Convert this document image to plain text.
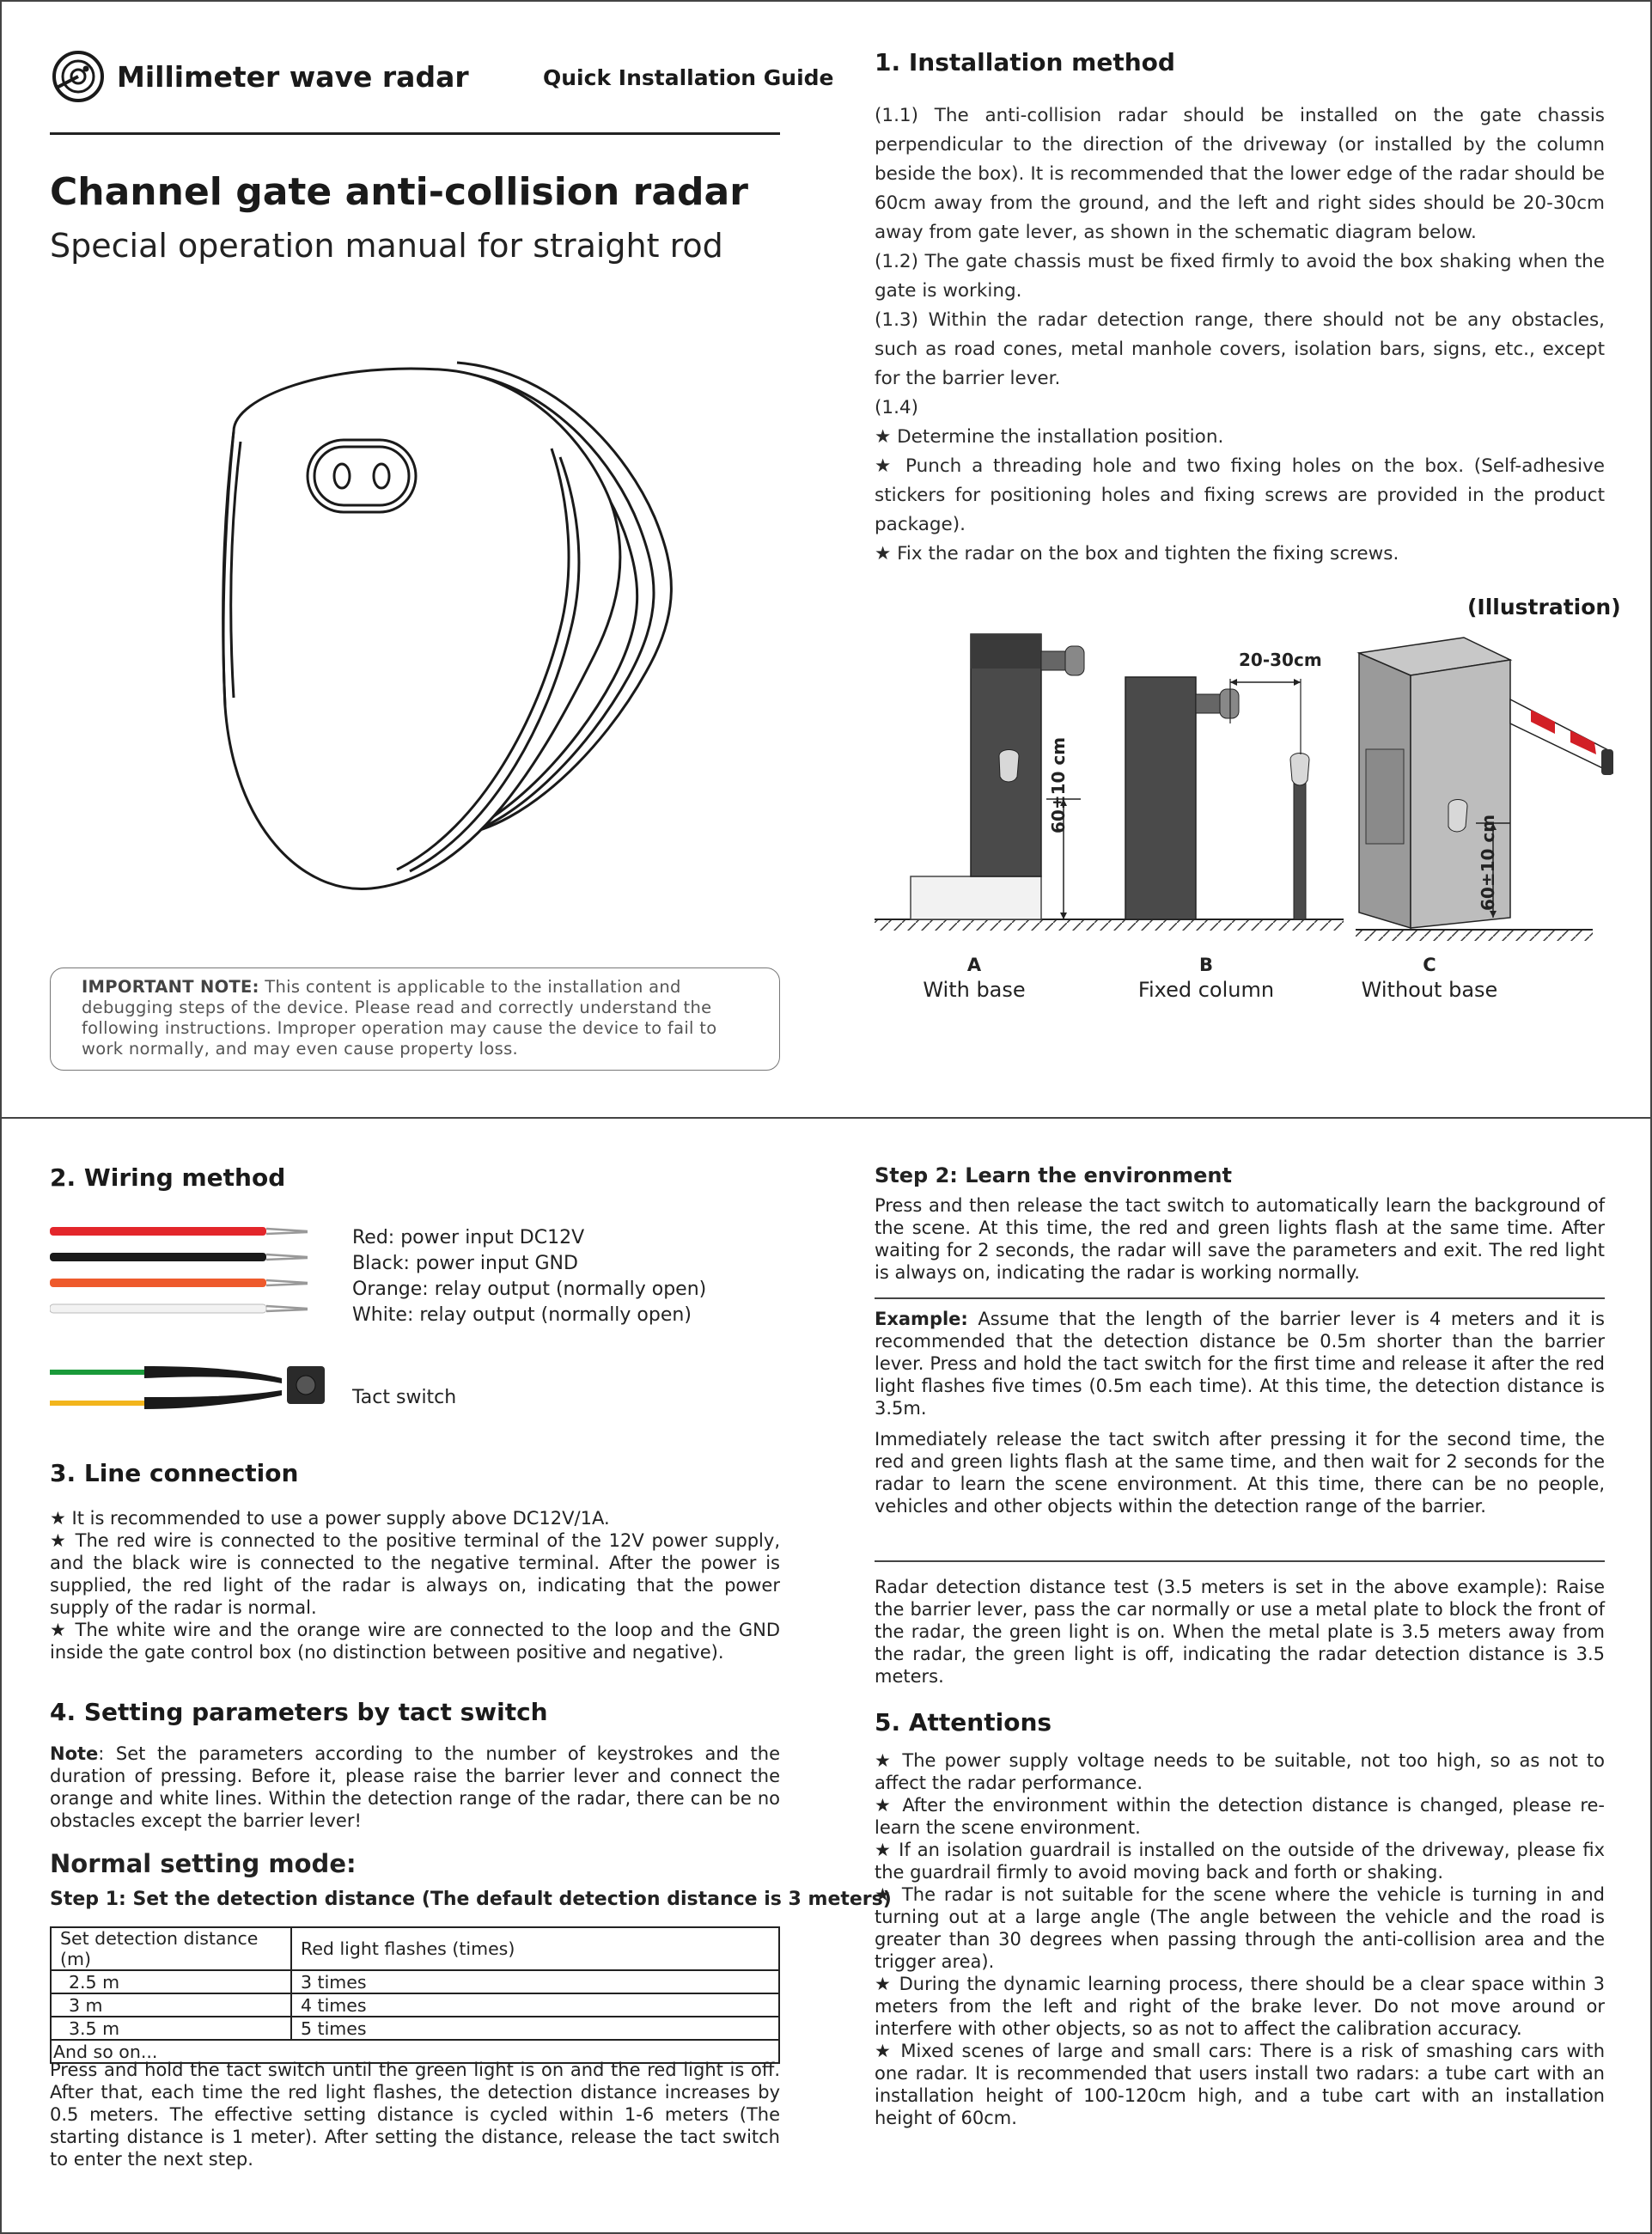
Millimeter wave radar	Quick Installation Guide
Channel gate anti-collision radar
Special operation manual for straight rod
IMPORTANT NOTE: This content is applicable to the installation and debugging steps of the device. Please read and correctly understand the following instructions. Improper operation may cause the device to fail to work normally, and may even cause property loss.
1. Installation method

(1.1) The anti-collision radar should be installed on the gate chassis perpendicular to the direction of the driveway (or installed by the column beside the box). It is recommended that the lower edge of the radar should be 60cm away from the ground, and the left and right sides should be 20-30cm away from gate lever, as shown in the schematic diagram below.

(1.2) The gate chassis must be fixed firmly to avoid the box shaking when the gate is working.

(1.3) Within the radar detection range, there should not be any obstacles, such as road cones, metal manhole covers, isolation bars, signs, etc., except for the barrier lever.

(1.4)

★ Determine the installation position.

★ Punch a threading hole and two fixing holes on the box. (Self-adhesive stickers for positioning holes and fixing screws are provided in the product package).

★ Fix the radar on the box and tighten the fixing screws.

(Illustration)
60±10 cm
20-30cm
60±10 cm
A
With base
B
Fixed column
C
Without base
2. Wiring method
Red: power input DC12V
Black: power input GND
Orange: relay output (normally open)
White: relay output (normally open)
Tact switch
3. Line connection
★ It is recommended to use a power supply above DC12V/1A.
★ The red wire is connected to the positive terminal of the 12V power supply, and the black wire is connected to the negative terminal. After the power is supplied, the red light of the radar is always on, indicating that the power supply of the radar is normal.
★ The white wire and the orange wire are connected to the loop and the GND inside the gate control box (no distinction between positive and negative).
4. Setting parameters by tact switch
Note: Set the parameters according to the number of keystrokes and the duration of pressing. Before it, please raise the barrier lever and connect the orange and white lines. Within the detection range of the radar, there can be no obstacles except the barrier lever!
Normal setting mode:
Step 1: Set the detection distance (The default detection distance is 3 meters)
Set detection distance (m)	Red light flashes (times)
2.5 m	3 times
3 m	4 times
3.5 m	5 times
And so on...	
Press and hold the tact switch until the green light is on and the red light is off. After that, each time the red light flashes, the detection distance increases by 0.5 meters. The effective setting distance is cycled within 1-6 meters (The starting distance is 1 meter). After setting the distance, release the tact switch to enter the next step.
Step 2: Learn the environment
Press and then release the tact switch to automatically learn the background of the scene. At this time, the red and green lights flash at the same time. After waiting for 2 seconds, the radar will save the parameters and exit. The red light is always on, indicating the radar is working normally.
Example: Assume that the length of the barrier lever is 4 meters and it is recommended that the detection distance be 0.5m shorter than the barrier lever. Press and hold the tact switch for the first time and release it after the red light flashes five times (0.5m each time). At this time, the detection distance is 3.5m.
Immediately release the tact switch after pressing it for the second time, the red and green lights flash at the same time, and then wait for 2 seconds for the radar to learn the scene environment. At this time, there can be no people, vehicles and other objects within the detection range of the barrier.
Radar detection distance test (3.5 meters is set in the above example): Raise the barrier lever, pass the car normally or use a metal plate to block the front of the radar, the green light is on. When the metal plate is 3.5 meters away from the radar, the green light is off, indicating the radar detection distance is 3.5 meters.
5. Attentions
★ The power supply voltage needs to be suitable, not too high, so as not to affect the radar performance.
★ After the environment within the detection distance is changed, please re-learn the scene environment.
★ If an isolation guardrail is installed on the outside of the driveway, please fix the guardrail firmly to avoid moving back and forth or shaking.
★ The radar is not suitable for the scene where the vehicle is turning in and turning out at a large angle (The angle between the vehicle and the road is greater than 30 degrees when passing through the anti-collision area and the trigger area).
★ During the dynamic learning process, there should be a clear space within 3 meters from the left and right of the brake lever. Do not move around or interfere with other objects, so as not to affect the calibration accuracy.
★ Mixed scenes of large and small cars: There is a risk of smashing cars with one radar. It is recommended that users install two radars: a tube cart with an installation height of 100-120cm high, and a tube cart with an installation height of 60cm.
